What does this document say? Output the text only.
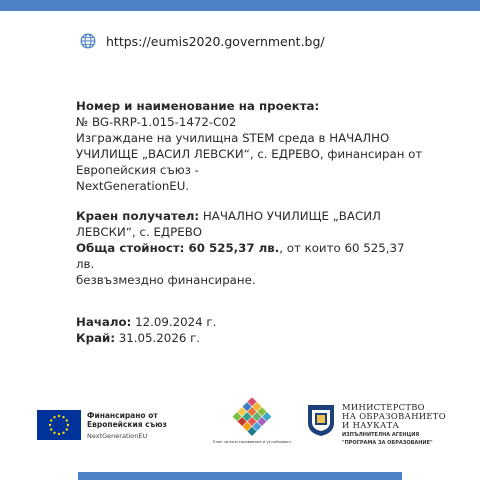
https://eumis2020.government.bg/

Номер и наименование на проекта:

№ BG-RRP-1.015-1472-C02

Изграждане на училищна STEM среда в НАЧАЛНО

УЧИЛИЩЕ „ВАСИЛ ЛЕВСКИ“, с. ЕДРЕВО, финансиран от

Европейския съюз -

NextGenerationEU.

Краен получател: НАЧАЛНО УЧИЛИЩЕ „ВАСИЛ

ЛЕВСКИ“, с. ЕДРЕВО

Обща стойност: 60 525,37 лв., от които 60 525,37 лв.

безвъзмездно финансиране.

Начало: 12.09.2024 г.

Край: 31.05.2026 г.

Финансирано от
Европейския съюз
NextGenerationEU
План за възстановяване и устойчивост
МИНИСТЕРСТВО
НА ОБРАЗОВАНИЕТО
И НАУКАТА
ИЗПЪЛНИТЕЛНА АГЕНЦИЯ
"ПРОГРАМА ЗА ОБРАЗОВАНИЕ"
